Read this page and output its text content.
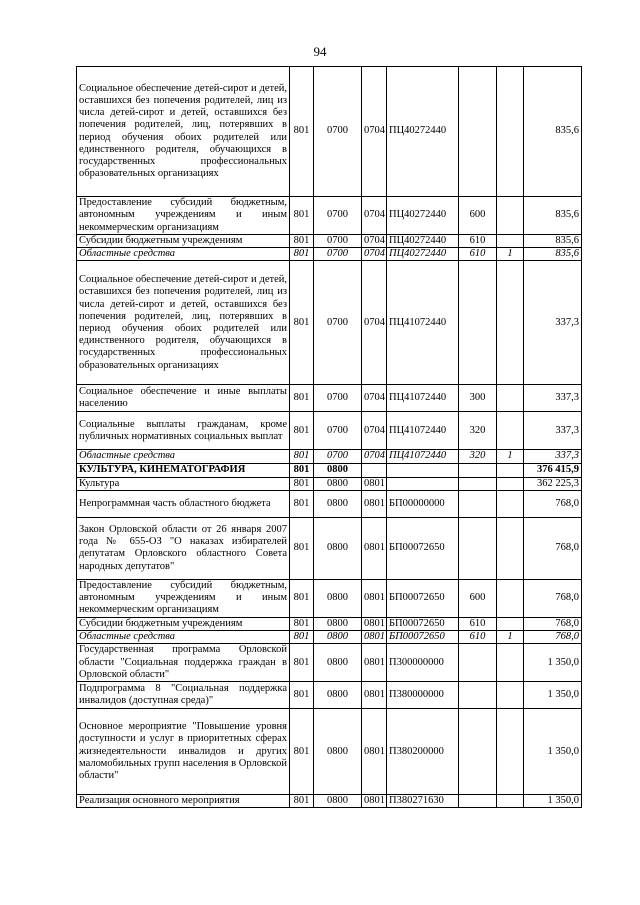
94
Социальное обеспечение детей-сирот и детей, оставшихся без попечения родителей, лиц из числа детей-сирот и детей, оставшихся без попечения родителей, лиц, потерявших в период обучения обоих родителей или единственного родителя, обучающихся в государственных профессиональных образовательных организациях	801	0700	0704	ПЦ40272440			835,6
Предоставление субсидий бюджетным, автономным учреждениям и иным некоммерческим организациям	801	0700	0704	ПЦ40272440	600		835,6
Субсидии бюджетным учреждениям	801	0700	0704	ПЦ40272440	610		835,6
Областные средства	801	0700	0704	ПЦ40272440	610	1	835,6
Социальное обеспечение детей-сирот и детей, оставшихся без попечения родителей, лиц из числа детей-сирот и детей, оставшихся без попечения родителей, лиц, потерявших в период обучения обоих родителей или единственного родителя, обучающихся в государственных профессиональных образовательных организациях	801	0700	0704	ПЦ41072440			337,3
Социальное обеспечение и иные выплаты населению	801	0700	0704	ПЦ41072440	300		337,3
Социальные выплаты гражданам, кроме публичных нормативных социальных выплат	801	0700	0704	ПЦ41072440	320		337,3
Областные средства	801	0700	0704	ПЦ41072440	320	1	337,3
КУЛЬТУРА, КИНЕМАТОГРАФИЯ	801	0800					376 415,9
Культура	801	0800	0801				362 225,3
Непрограммная часть областного бюджета	801	0800	0801	БП00000000			768,0
Закон Орловской области от 26 января 2007 года № 655-ОЗ "О наказах избирателей депутатам Орловского областного Совета народных депутатов"	801	0800	0801	БП00072650			768,0
Предоставление субсидий бюджетным, автономным учреждениям и иным некоммерческим организациям	801	0800	0801	БП00072650	600		768,0
Субсидии бюджетным учреждениям	801	0800	0801	БП00072650	610		768,0
Областные средства	801	0800	0801	БП00072650	610	1	768,0
Государственная программа Орловской области "Социальная поддержка граждан в Орловской области"	801	0800	0801	П300000000			1 350,0
Подпрограмма 8 "Социальная поддержка инвалидов (доступная среда)"	801	0800	0801	П380000000			1 350,0
Основное мероприятие "Повышение уровня доступности и услуг в приоритетных сферах жизнедеятельности инвалидов и других маломобильных групп населения в Орловской области"	801	0800	0801	П380200000			1 350,0
Реализация основного мероприятия	801	0800	0801	П380271630			1 350,0
